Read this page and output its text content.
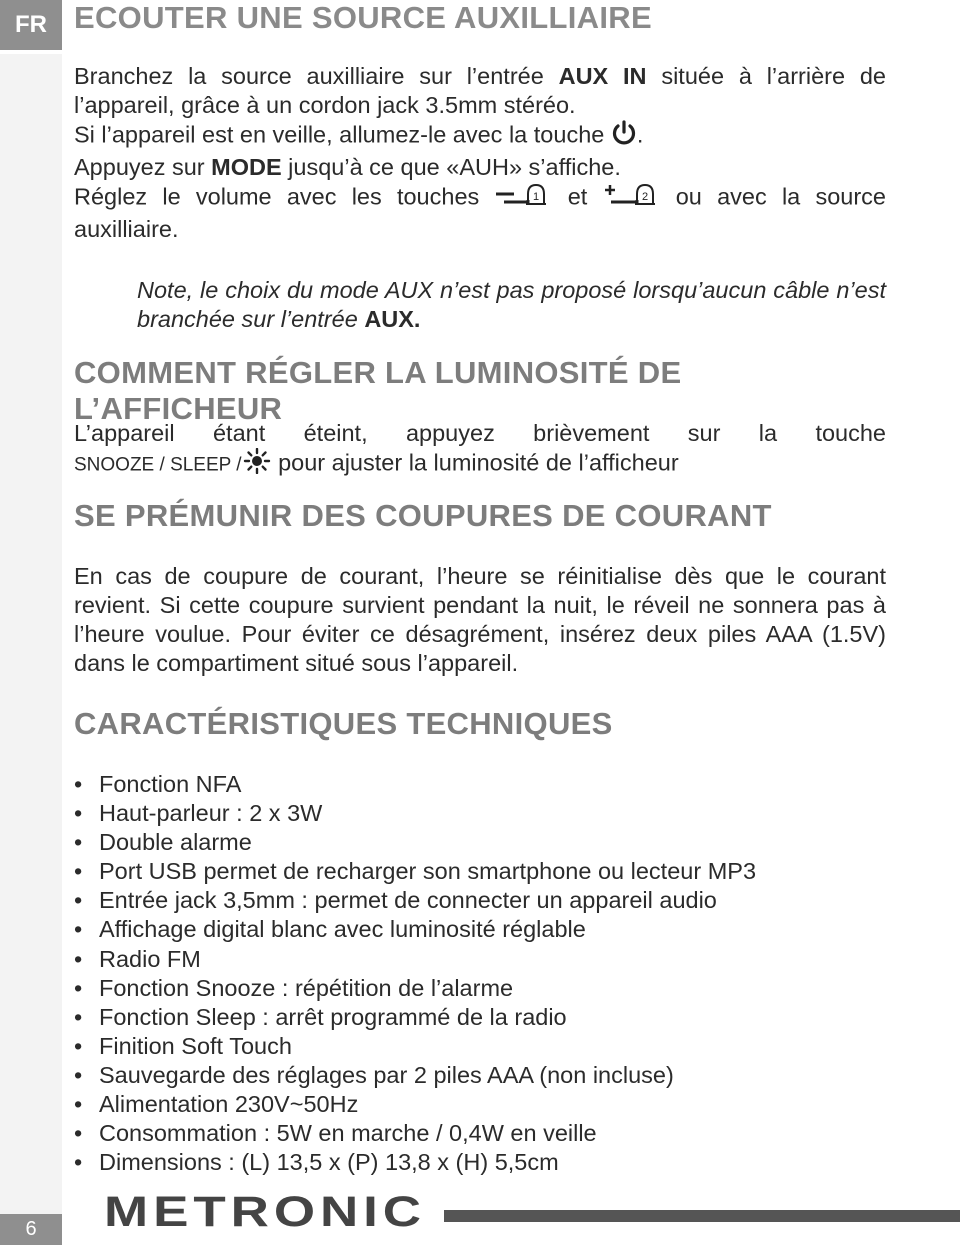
FR
6
ECOUTER UNE SOURCE AUXILLIAIRE

Branchez la source auxilliaire sur l’entrée AUX IN située à l’arrière de l’appareil, grâce à un cordon jack 3.5mm stéréo.

Si l’appareil est en veille, allumez-le avec la touche .

Appuyez sur MODE jusqu’à ce que «AUH» s’affiche.

Réglez le volume avec les touches	1 et	2 ou avec la source auxilliaire.

Note, le choix du mode AUX n’est pas proposé lorsqu’aucun câble n’est branchée sur l’entrée AUX.

COMMENT RÉGLER LA LUMINOSITÉ DE L’AFFICHEUR

L’appareil étant éteint, appuyez brièvement sur la touche

SNOOZE / SLEEP / pour ajuster la luminosité de l’afficheur

SE PRÉMUNIR DES COUPURES DE COURANT

En cas de coupure de courant, l’heure se réinitialise dès que le courant revient. Si cette coupure survient pendant la nuit, le réveil ne sonnera pas à l’heure voulue. Pour éviter ce désagrément, insérez deux piles AAA (1.5V) dans le compartiment situé sous l’appareil.

CARACTÉRISTIQUES TECHNIQUES
• Fonction NFA
• Haut-parleur : 2 x 3W
• Double alarme
• Port USB permet de recharger son smartphone ou lecteur MP3
• Entrée jack 3,5mm : permet de connecter un appareil audio
• Affichage digital blanc avec luminosité réglable
• Radio FM
• Fonction Snooze : répétition de l’alarme
• Fonction Sleep : arrêt programmé de la radio
• Finition Soft Touch
• Sauvegarde des réglages par 2 piles AAA (non incluse)
• Alimentation 230V~50Hz
• Consommation : 5W en marche / 0,4W en veille
• Dimensions : (L) 13,5 x (P) 13,8 x (H) 5,5cm
METRONIC
